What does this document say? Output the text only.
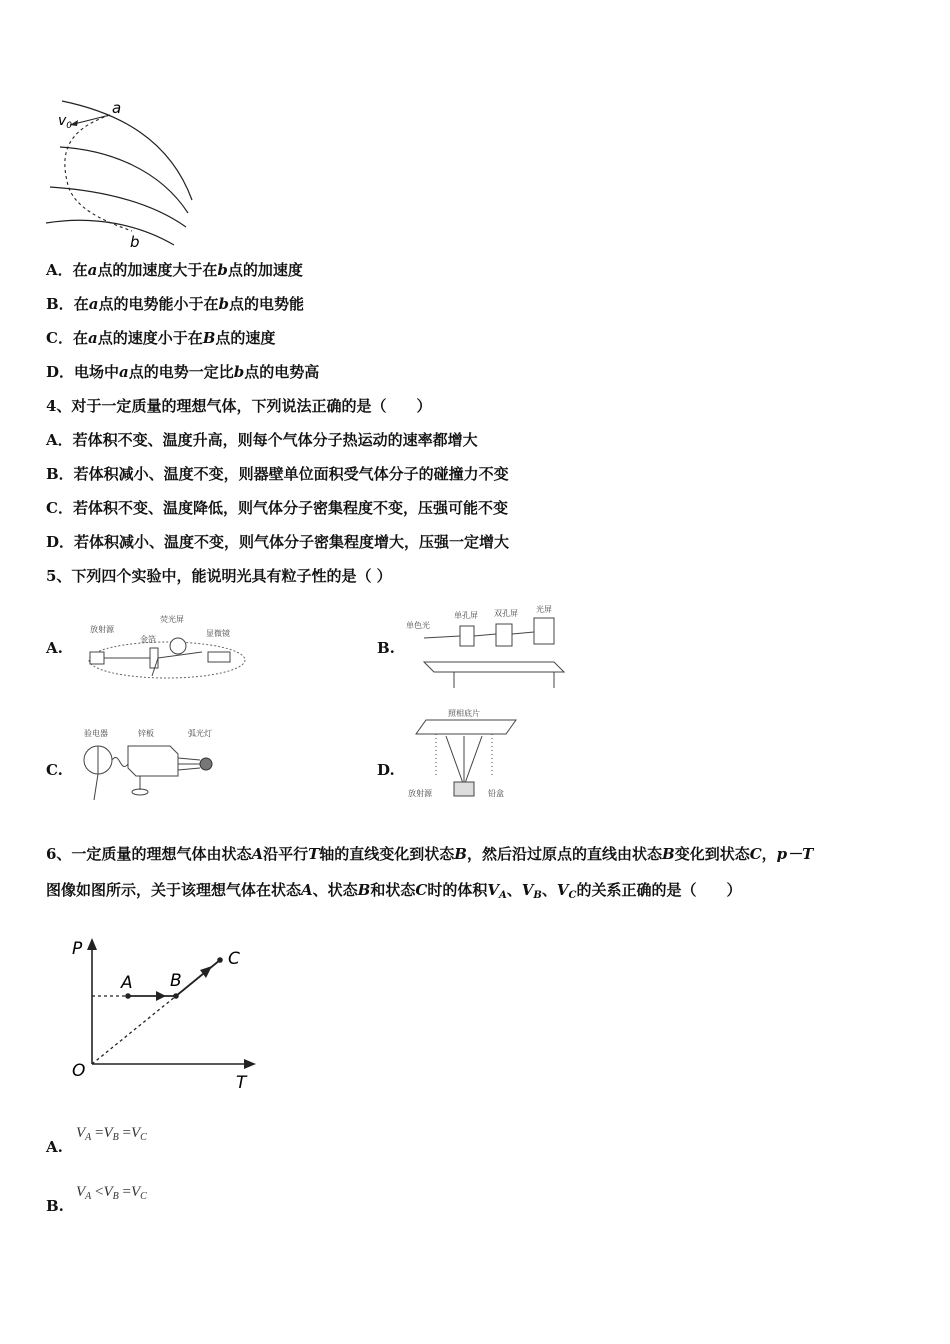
a
$v_0$
b
A．在a点的加速度大于在b点的加速度
B．在a点的电势能小于在b点的电势能
C．在a点的速度小于在B点的速度
D．电场中a点的电势一定比b点的电势高
4、对于一定质量的理想气体，下列说法正确的是（　　）
A．若体积不变、温度升高，则每个气体分子热运动的速率都增大
B．若体积减小、温度不变，则器壁单位面积受气体分子的碰撞力不变
C．若体积不变、温度降低，则气体分子密集程度不变，压强可能不变
D．若体积减小、温度不变，则气体分子密集程度增大，压强一定增大
5、下列四个实验中，能说明光具有粒子性的是（ ）
A.
放射源
荧光屏
金箔
显微镜
B.
单色光
单孔屏 双孔屏 光屏
C.
验电器	锌板	弧光灯
D.
照相底片
放射源	铅盒
6、一定质量的理想气体由状态A沿平行T轴的直线变化到状态B，然后沿过原点的直线由状态B变化到状态C，p－T
图像如图所示，关于该理想气体在状态A、状态B和状态C时的体积$V_A$、$V_B$、$V_C$的关系正确的是（　　）
P
T
O
A B
C
A.
$V_A =V_B =V_C$
B.
$V_A <V_B =V_C$
